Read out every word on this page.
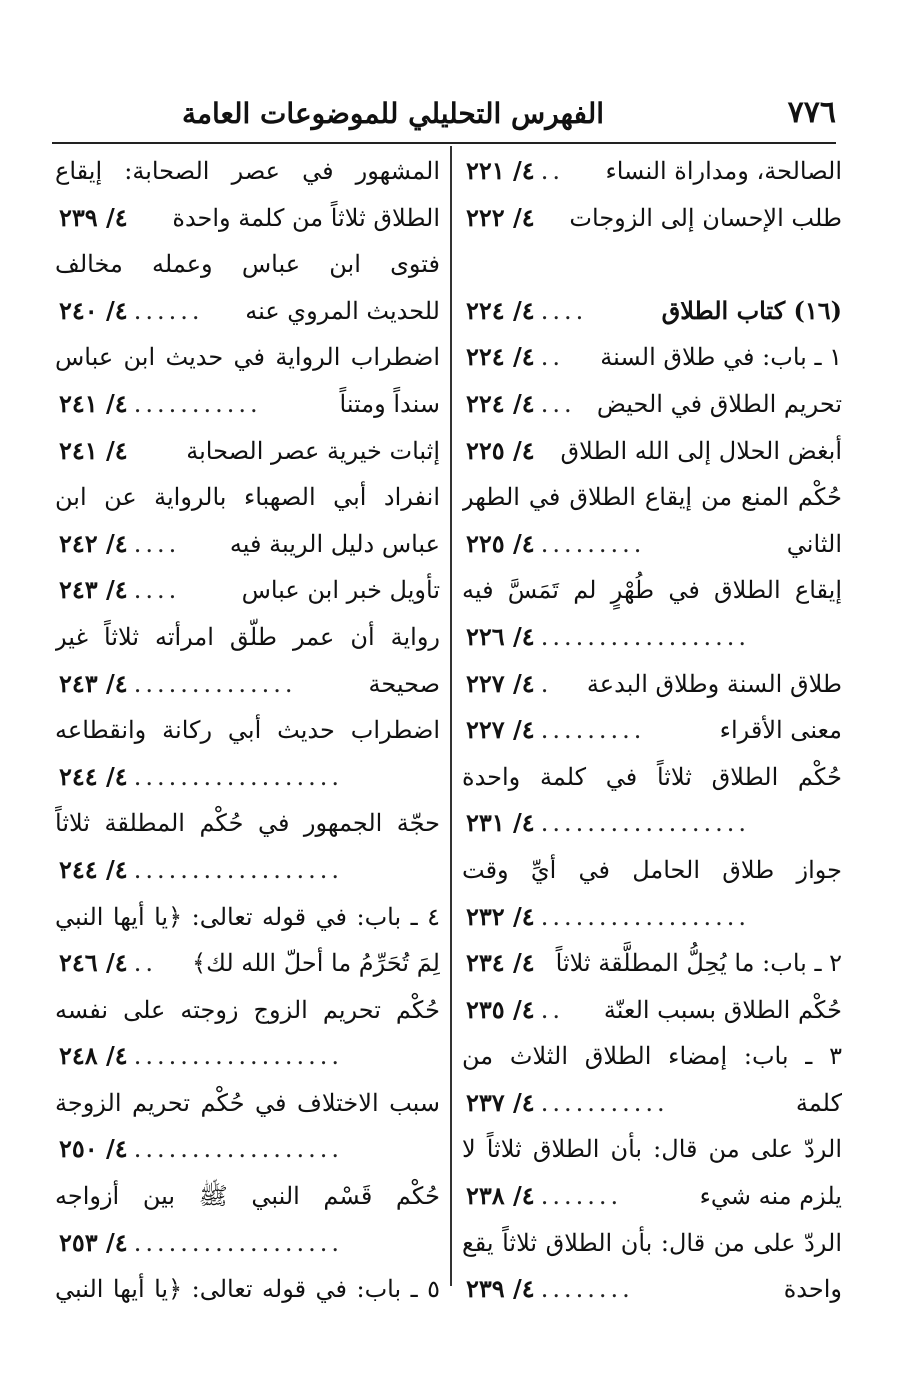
٧٧٦
الفهرس التحليلي للموضوعات العامة
الصالحة، ومداراة النساء
..
٤/ ٢٢١
طلب الإحسان إلى الزوجات
٤/ ٢٢٢
(١٦) كتاب الطلاق
....
٤/ ٢٢٤
١ ـ باب: في طلاق السنة
..
٤/ ٢٢٤
تحريم الطلاق في الحيض
...
٤/ ٢٢٤
أبغض الحلال إلى الله الطلاق
٤/ ٢٢٥
حُكْم المنع من إيقاع الطلاق في الطهر
الثاني
.........
٤/ ٢٢٥
إيقاع الطلاق في طُهْرٍ لم تَمَسَّ فيه
..................
٤/ ٢٢٦
طلاق السنة وطلاق البدعة
.
٤/ ٢٢٧
معنى الأقراء
.........
٤/ ٢٢٧
حُكْم الطلاق ثلاثاً في كلمة واحدة
..................
٤/ ٢٣١
جواز طلاق الحامل في أيِّ وقت
..................
٤/ ٢٣٢
٢ ـ باب: ما يُحِلُّ المطلَّقة ثلاثاً
٤/ ٢٣٤
حُكْم الطلاق بسبب العنّة
..
٤/ ٢٣٥
٣ ـ باب: إمضاء الطلاق الثلاث من
كلمة
...........
٤/ ٢٣٧
الردّ على من قال: بأن الطلاق ثلاثاً لا
يلزم منه شيء
.......
٤/ ٢٣٨
الردّ على من قال: بأن الطلاق ثلاثاً يقع
واحدة
........
٤/ ٢٣٩
المشهور في عصر الصحابة: إيقاع
الطلاق ثلاثاً من كلمة واحدة
٤/ ٢٣٩
فتوى ابن عباس وعمله مخالف
للحديث المروي عنه
......
٤/ ٢٤٠
اضطراب الرواية في حديث ابن عباس
سنداً ومتناً
...........
٤/ ٢٤١
إثبات خيرية عصر الصحابة
٤/ ٢٤١
انفراد أبي الصهباء بالرواية عن ابن
عباس دليل الريبة فيه
....
٤/ ٢٤٢
تأويل خبر ابن عباس
....
٤/ ٢٤٣
رواية أن عمر طلّق امرأته ثلاثاً غير
صحيحة
..............
٤/ ٢٤٣
اضطراب حديث أبي ركانة وانقطاعه
..................
٤/ ٢٤٤
حجّة الجمهور في حُكْم المطلقة ثلاثاً
..................
٤/ ٢٤٤
٤ ـ باب: في قوله تعالى: ﴿يا أيها النبي
لِمَ تُحَرِّمُ ما أحلّ الله لك﴾
..
٤/ ٢٤٦
حُكْم تحريم الزوج زوجته على نفسه
..................
٤/ ٢٤٨
سبب الاختلاف في حُكْم تحريم الزوجة
..................
٤/ ٢٥٠
حُكْم قَسْم النبي ﷺ بين أزواجه
..................
٤/ ٢٥٣
٥ ـ باب: في قوله تعالى: ﴿يا أيها النبي
